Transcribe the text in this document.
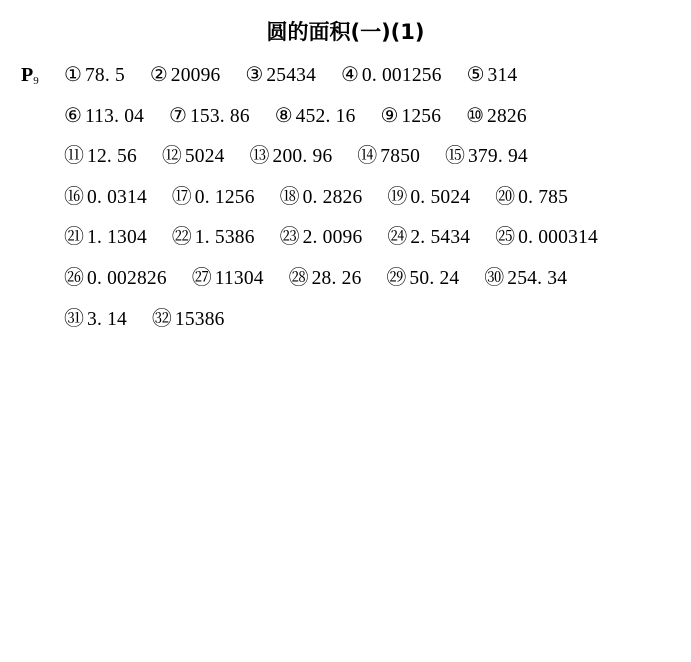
圆的面积(一)(1)
$P_9$ ① 78. 5 ② 20096 ③ 25434 ④ 0. 001256 ⑤ 314
⑥ 113. 04 ⑦ 153. 86 ⑧ 452. 16 ⑨ 1256 ⑩ 2826
⑪ 12. 56 ⑫ 5024 ⑬ 200. 96 ⑭ 7850 ⑮ 379. 94
⑯ 0. 0314 ⑰ 0. 1256 ⑱ 0. 2826 ⑲ 0. 5024 ⑳ 0. 785
㉑ 1. 1304 ㉒ 1. 5386 ㉓ 2. 0096 ㉔ 2. 5434 ㉕ 0. 000314
㉖ 0. 002826 ㉗ 11304 ㉘ 28. 26 ㉙ 50. 24 ㉚ 254. 34
㉛ 3. 14 ㉜ 15386
